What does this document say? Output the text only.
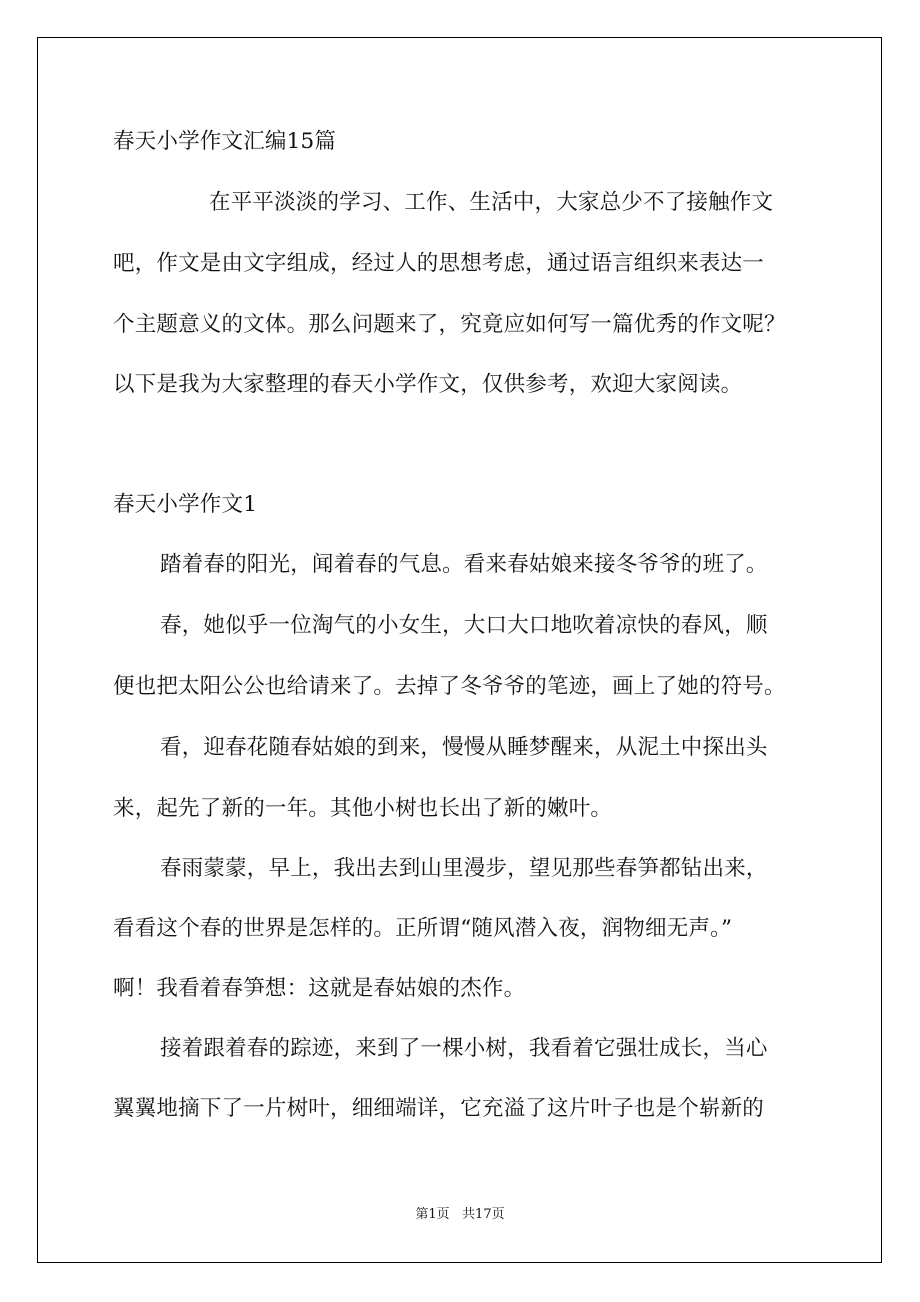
春天小学作文汇编15篇
在平平淡淡的学习、工作、生活中，大家总少不了接触作文
吧，作文是由文字组成，经过人的思想考虑，通过语言组织来表达一
个主题意义的文体。那么问题来了，究竟应如何写一篇优秀的作文呢？
以下是我为大家整理的春天小学作文，仅供参考，欢迎大家阅读。
春天小学作文1
踏着春的阳光，闻着春的气息。看来春姑娘来接冬爷爷的班了。
春，她似乎一位淘气的小女生，大口大口地吹着凉快的春风，顺
便也把太阳公公也给请来了。去掉了冬爷爷的笔迹，画上了她的符号。
看，迎春花随春姑娘的到来，慢慢从睡梦醒来，从泥土中探出头
来，起先了新的一年。其他小树也长出了新的嫩叶。
春雨蒙蒙，早上，我出去到山里漫步，望见那些春笋都钻出来，
看看这个春的世界是怎样的。正所谓“随风潜入夜，润物细无声。”
啊！我看着春笋想：这就是春姑娘的杰作。
接着跟着春的踪迹，来到了一棵小树，我看着它强壮成长，当心
翼翼地摘下了一片树叶，细细端详，它充溢了这片叶子也是个崭新的
第1页   共17页
